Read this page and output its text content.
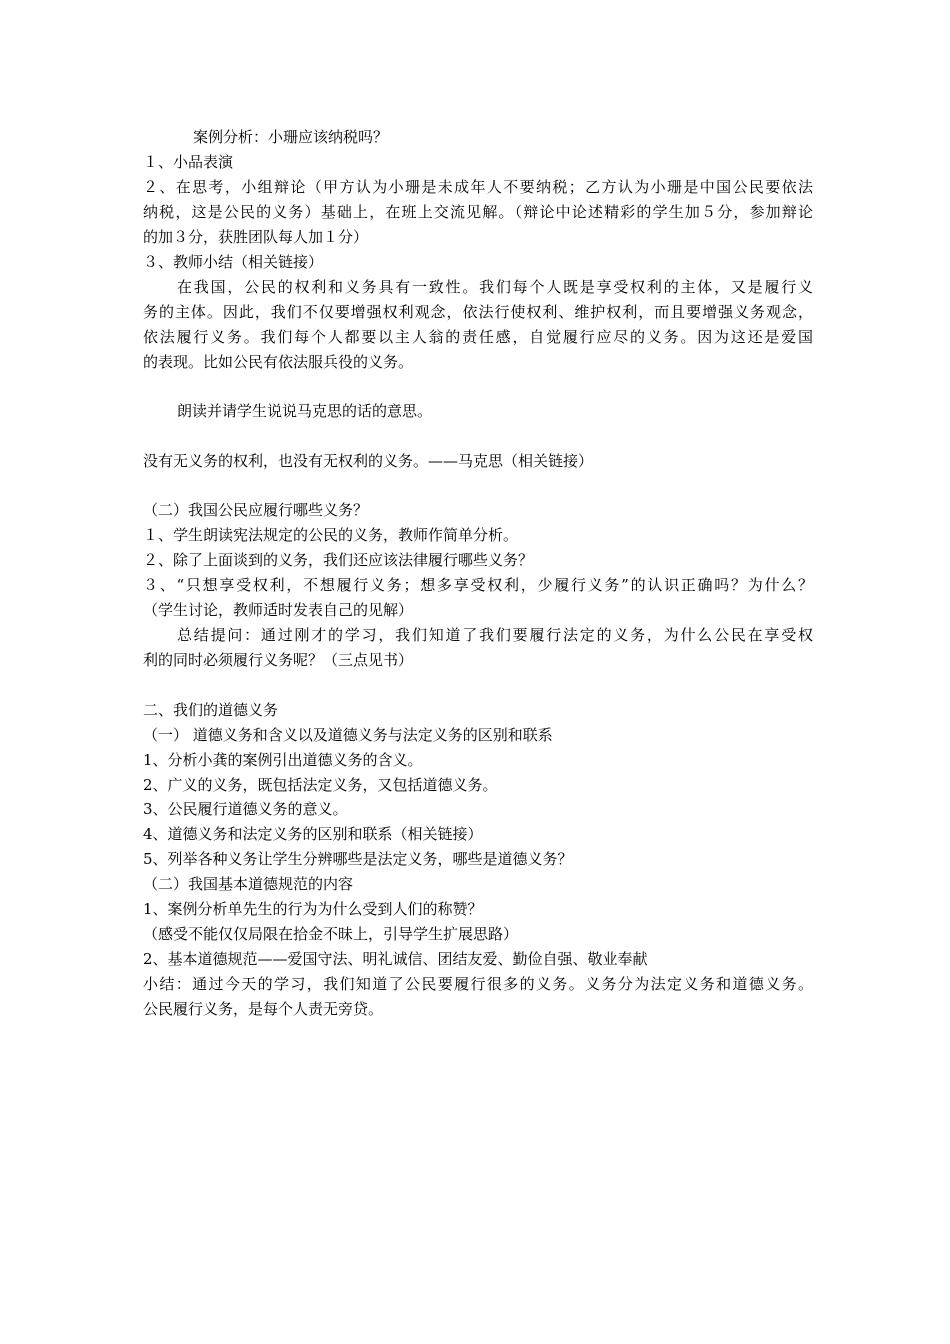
案例分析：小珊应该纳税吗？
１、小品表演
２、在思考，小组辩论（甲方认为小珊是未成年人不要纳税；乙方认为小珊是中国公民要依法
纳税，这是公民的义务）基础上，在班上交流见解。（辩论中论述精彩的学生加５分，参加辩论
的加３分，获胜团队每人加１分）
３、教师小结（相关链接）
在我国，公民的权利和义务具有一致性。我们每个人既是享受权利的主体，又是履行义
务的主体。因此，我们不仅要增强权利观念，依法行使权利、维护权利，而且要增强义务观念，
依法履行义务。我们每个人都要以主人翁的责任感，自觉履行应尽的义务。因为这还是爱国
的表现。比如公民有依法服兵役的义务。
朗读并请学生说说马克思的话的意思。
没有无义务的权利，也没有无权利的义务。——马克思（相关链接）
（二）我国公民应履行哪些义务？
１、学生朗读宪法规定的公民的义务，教师作简单分析。
２、除了上面谈到的义务，我们还应该法律履行哪些义务？
３、“只想享受权利，不想履行义务；想多享受权利，少履行义务”的认识正确吗？为什么？
（学生讨论，教师适时发表自己的见解）
总结提问：通过刚才的学习，我们知道了我们要履行法定的义务，为什么公民在享受权
利的同时必须履行义务呢？（三点见书）
二、我们的道德义务
（一） 道德义务和含义以及道德义务与法定义务的区别和联系
1、分析小龚的案例引出道德义务的含义。
2、广义的义务，既包括法定义务，又包括道德义务。
3、公民履行道德义务的意义。
4、道德义务和法定义务的区别和联系（相关链接）
5、列举各种义务让学生分辨哪些是法定义务，哪些是道德义务？
（二）我国基本道德规范的内容
1、案例分析单先生的行为为什么受到人们的称赞？
（感受不能仅仅局限在拾金不昧上，引导学生扩展思路）
2、基本道德规范——爱国守法、明礼诚信、团结友爱、勤俭自强、敬业奉献
小结：通过今天的学习，我们知道了公民要履行很多的义务。义务分为法定义务和道德义务。
公民履行义务，是每个人责无旁贷。
